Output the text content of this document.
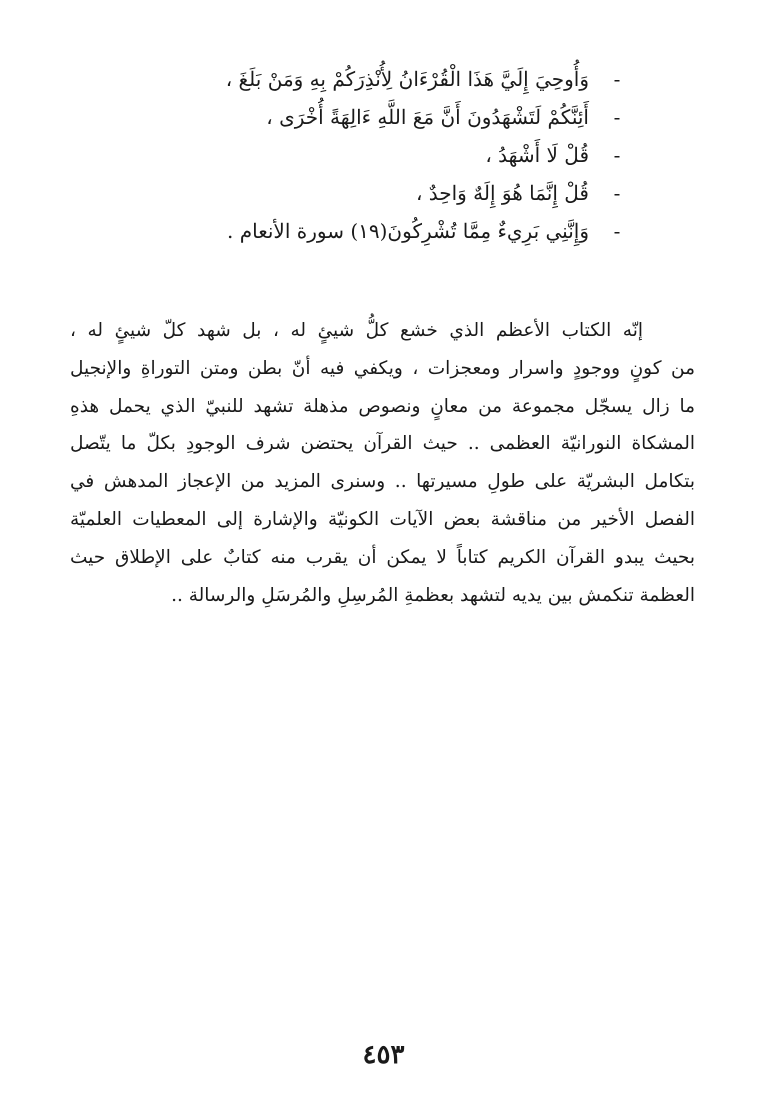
-
وَأُوحِيَ إِلَيَّ هَذَا الْقُرْءَانُ لِأُنْذِرَكُمْ بِهِ وَمَنْ بَلَغَ ،
-
أَئِنَّكُمْ لَتَشْهَدُونَ أَنَّ مَعَ اللَّهِ ءَالِهَةً أُخْرَى ،
-
قُلْ لَا أَشْهَدُ ،
-
قُلْ إِنَّمَا هُوَ إِلَهٌ وَاحِدٌ ،
-
وَإِنَّنِي بَرِيءٌ مِمَّا تُشْرِكُونَ(١٩) سورة الأنعام .
إنّه الكتاب الأعظم الذي خشع كلُّ شيئٍ له ، بل شهد كلّ شيئٍ له ،
من كونٍ ووجودٍ واسرار ومعجزات ، ويكفي فيه أنّ بطن ومتن التوراةِ والإنجيل
ما زال يسجّل مجموعة من معانٍ ونصوص مذهلة تشهد للنبيّ الذي يحمل هذهِ
المشكاة النورانيّة العظمى .. حيث القرآن يحتضن شرف الوجودِ بكلّ ما يتّصل
بتكامل البشريّة على طولِ مسيرتها .. وسنرى المزيد من الإعجاز المدهش في
الفصل الأخير من مناقشة بعض الآيات الكونيّة والإشارة إلى المعطيات العلميّة
بحيث يبدو القرآن الكريم كتاباً لا يمكن أن يقرب منه كتابٌ على الإطلاق حيث
العظمة تنكمش بين يديه لتشهد بعظمةِ المُرسِلِ والمُرسَلِ والرسالة ..
٤٥٣
